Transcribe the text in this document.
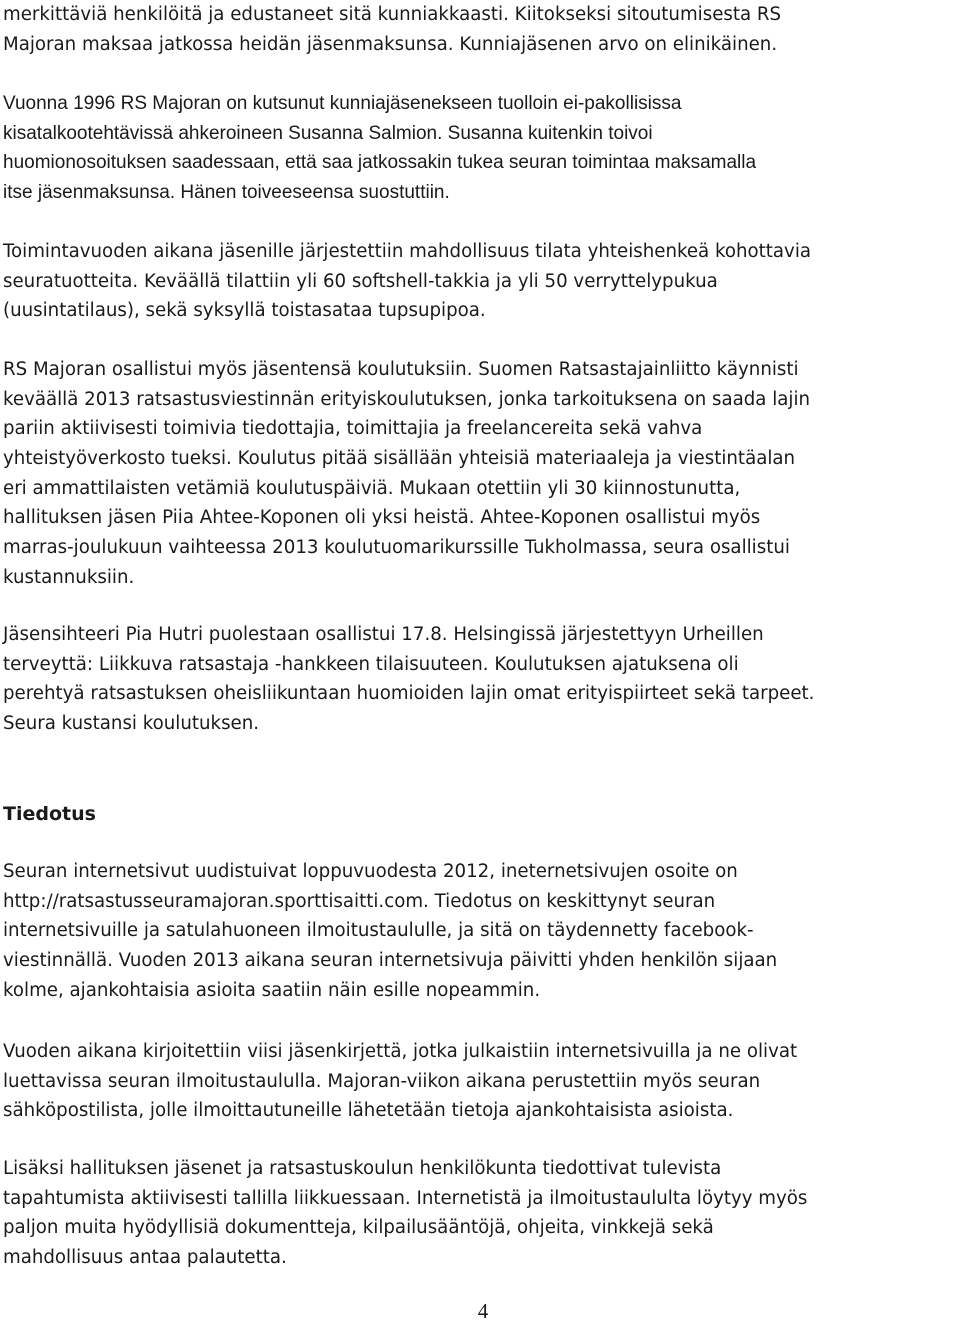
merkittäviä henkilöitä ja edustaneet sitä kunniakkaasti. Kiitokseksi sitoutumisesta RS
Majoran maksaa jatkossa heidän jäsenmaksunsa. Kunniajäsenen arvo on elinikäinen.
Vuonna 1996 RS Majoran on kutsunut kunniajäsenekseen tuolloin ei-pakollisissa
kisatalkootehtävissä ahkeroineen Susanna Salmion. Susanna kuitenkin toivoi
huomionosoituksen saadessaan, että saa jatkossakin tukea seuran toimintaa maksamalla
itse jäsenmaksunsa. Hänen toiveeseensa suostuttiin.
Toimintavuoden aikana jäsenille järjestettiin mahdollisuus tilata yhteishenkeä kohottavia
seuratuotteita. Keväällä tilattiin yli 60 softshell-takkia ja yli 50 verryttelypukua
(uusintatilaus), sekä syksyllä toistasataa tupsupipoa.
RS Majoran osallistui myös jäsentensä koulutuksiin. Suomen Ratsastajainliitto käynnisti
keväällä 2013 ratsastusviestinnän erityiskoulutuksen, jonka tarkoituksena on saada lajin
pariin aktiivisesti toimivia tiedottajia, toimittajia ja freelancereita sekä vahva
yhteistyöverkosto tueksi. Koulutus pitää sisällään yhteisiä materiaaleja ja viestintäalan
eri ammattilaisten vetämiä koulutuspäiviä. Mukaan otettiin yli 30 kiinnostunutta,
hallituksen jäsen Piia Ahtee-Koponen oli yksi heistä. Ahtee-Koponen osallistui myös
marras-joulukuun vaihteessa 2013 koulutuomarikurssille Tukholmassa, seura osallistui
kustannuksiin.
Jäsensihteeri Pia Hutri puolestaan osallistui 17.8. Helsingissä järjestettyyn Urheillen
terveyttä: Liikkuva ratsastaja -hankkeen tilaisuuteen. Koulutuksen ajatuksena oli
perehtyä ratsastuksen oheisliikuntaan huomioiden lajin omat erityispiirteet sekä tarpeet.
Seura kustansi koulutuksen.
Tiedotus
Seuran internetsivut uudistuivat loppuvuodesta 2012, ineternetsivujen osoite on
http://ratsastusseuramajoran.sporttisaitti.com. Tiedotus on keskittynyt seuran
internetsivuille ja satulahuoneen ilmoitustaululle, ja sitä on täydennetty facebook-
viestinnällä. Vuoden 2013 aikana seuran internetsivuja päivitti yhden henkilön sijaan
kolme, ajankohtaisia asioita saatiin näin esille nopeammin.
Vuoden aikana kirjoitettiin viisi jäsenkirjettä, jotka julkaistiin internetsivuilla ja ne olivat
luettavissa seuran ilmoitustaululla. Majoran-viikon aikana perustettiin myös seuran
sähköpostilista, jolle ilmoittautuneille lähetetään tietoja ajankohtaisista asioista.
Lisäksi hallituksen jäsenet ja ratsastuskoulun henkilökunta tiedottivat tulevista
tapahtumista aktiivisesti tallilla liikkuessaan. Internetistä ja ilmoitustaululta löytyy myös
paljon muita hyödyllisiä dokumentteja, kilpailusääntöjä, ohjeita, vinkkejä sekä
mahdollisuus antaa palautetta.
4
